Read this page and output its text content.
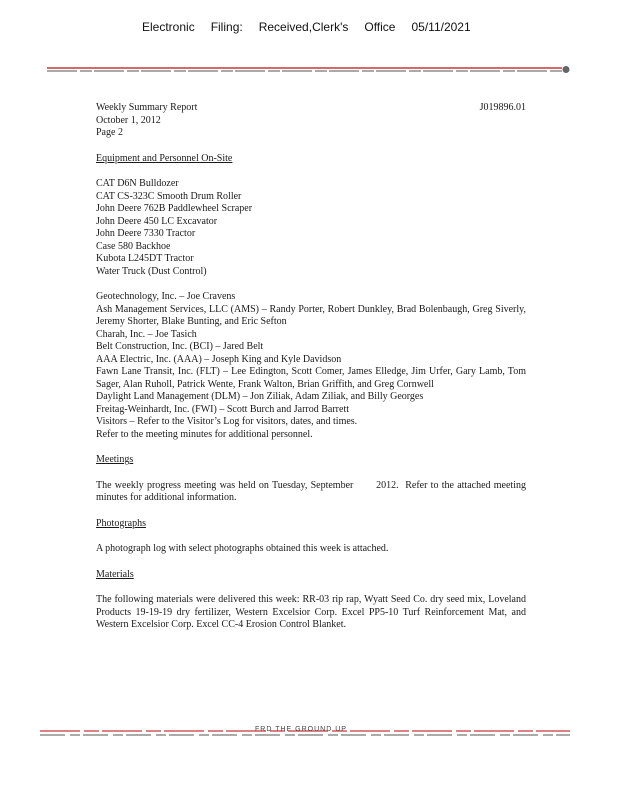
Electronic Filing: Received,Clerk's Office 05/11/2021
J019896.01
Weekly Summary Report
October 1, 2012
Page 2
Equipment and Personnel On-Site
CAT D6N Bulldozer
CAT CS-323C Smooth Drum Roller
John Deere 762B Paddlewheel Scraper
John Deere 450 LC Excavator
John Deere 7330 Tractor
Case 580 Backhoe
Kubota L245DT Tractor
Water Truck (Dust Control)
Geotechnology, Inc. – Joe Cravens
Ash Management Services, LLC (AMS) – Randy Porter, Robert Dunkley, Brad Bolenbaugh, Greg Siverly, Jeremy Shorter, Blake Bunting, and Eric Sefton
Charah, Inc. – Joe Tasich
Belt Construction, Inc. (BCI) – Jared Belt
AAA Electric, Inc. (AAA) – Joseph King and Kyle Davidson
Fawn Lane Transit, Inc. (FLT) – Lee Edington, Scott Comer, James Elledge, Jim Urfer, Gary Lamb, Tom Sager, Alan Ruholl, Patrick Wente, Frank Walton, Brian Griffith, and Greg Cornwell
Daylight Land Management (DLM) – Jon Ziliak, Adam Ziliak, and Billy Georges
Freitag-Weinhardt, Inc. (FWI) – Scott Burch and Jarrod Barrett
Visitors – Refer to the Visitor’s Log for visitors, dates, and times.
Refer to the meeting minutes for additional personnel.
Meetings
The weekly progress meeting was held on Tuesday, September       2012.  Refer to the attached meeting minutes for additional information.
Photographs
A photograph log with select photographs obtained this week is attached.
Materials
The following materials were delivered this week: RR-03 rip rap, Wyatt Seed Co. dry seed mix, Loveland Products 19-19-19 dry fertilizer, Western Excelsior Corp. Excel PP5-10 Turf Reinforcement Mat, and Western Excelsior Corp. Excel CC-4 Erosion Control Blanket.
FRD THE GROUND UP
